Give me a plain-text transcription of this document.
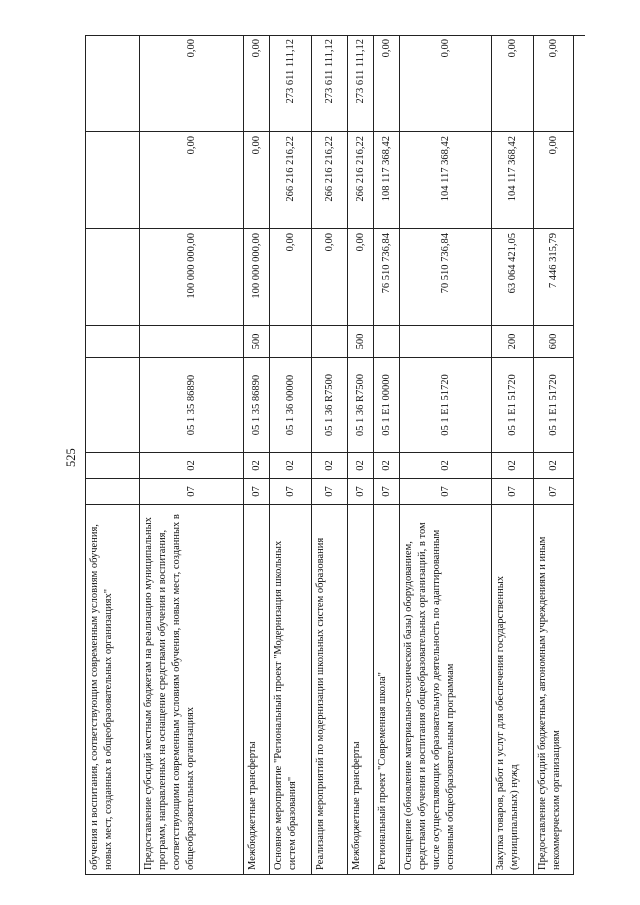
525
обучения и воспитания, соответствующим современным условиям обучения, новых мест, созданных в общеобразовательных организациях"	Предоставление субсидий местным бюджетам на реализацию муниципальных программ, направленных на оснащение средствами обучения и воспитания, соответствующими современным условиям обучения, новых мест, созданных в общеобразовательных организациях
07
02
05 1 35 86890
100 000 000,00
0,00
0,00
Межбюджетные трансферты
07
02
05 1 35 86890
500
100 000 000,00
0,00
0,00
Основное мероприятие "Региональный проект "Модернизация школьных систем образования"
07
02
05 1 36 00000
0,00
266 216 216,22
273 611 111,12
Реализация мероприятий по модернизации школьных систем образования
07
02
05 1 36 R7500
0,00
266 216 216,22
273 611 111,12
Межбюджетные трансферты
07
02
05 1 36 R7500
500
0,00
266 216 216,22
273 611 111,12
Региональный проект "Современная школа"
07
02
05 1 Е1 00000
76 510 736,84
108 117 368,42
0,00
Оснащение (обновление материально-технической базы) оборудованием, средствами обучения и воспитания общеобразовательных организаций, в том числе осуществляющих образовательную деятельность по адаптированным основным общеобразовательным программам
07
02
05 1 Е1 51720
70 510 736,84
104 117 368,42
0,00
Закупка товаров, работ и услуг для обеспечения государственных (муниципальных) нужд
07
02
05 1 Е1 51720
200
63 064 421,05
104 117 368,42
0,00
Предоставление субсидий бюджетным, автономным учреждениям и иным некоммерческим организациям
07
02
05 1 Е1 51720
600
7 446 315,79
0,00
0,00
